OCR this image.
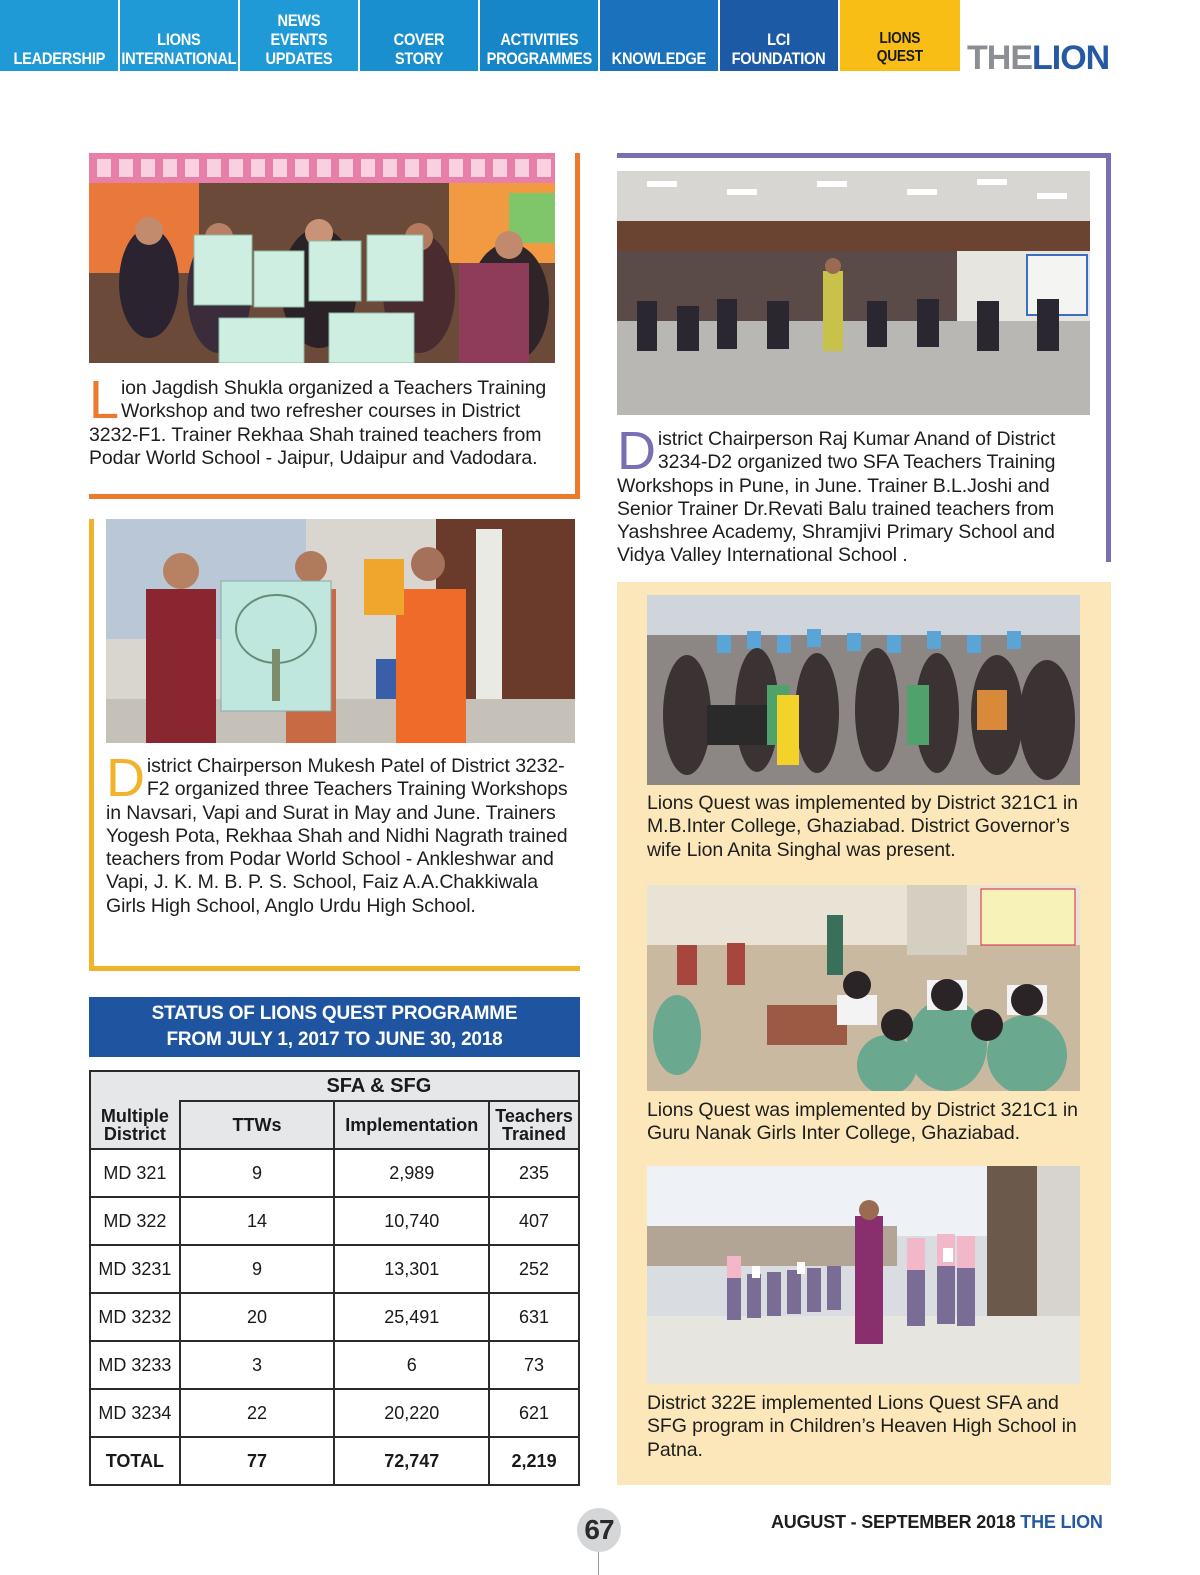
LEADERSHIP
LIONS
INTERNATIONAL
NEWS
EVENTS
UPDATES
COVER STORY
ACTIVITIES
PROGRAMMES KNOWLEDGE
LCI
FOUNDATION
LIONS
QUEST THELION
Lion Jagdish Shukla organized a Teachers Training Workshop and two refresher courses in District 3232-F1. Trainer Rekhaa Shah trained teachers from Podar World School - Jaipur, Udaipur and Vadodara.
District Chairperson Mukesh Patel of District 3232-F2 organized three Teachers Training Workshops in Navsari, Vapi and Surat in May and June. Trainers Yogesh Pota, Rekhaa Shah and Nidhi Nagrath trained teachers from Podar World School - Ankleshwar and Vapi, J. K. M. B. P. S. School, Faiz A.A.Chakkiwala Girls High School, Anglo Urdu High School.
District Chairperson Raj Kumar Anand of District 3234-D2 organized two SFA Teachers Training Workshops in Pune, in June. Trainer B.L.Joshi and Senior Trainer Dr.Revati Balu trained teachers from Yashshree Academy, Shramjivi Primary School and Vidya Valley International School .
Lions Quest was implemented by District 321C1 in M.B.Inter College, Ghaziabad. District Governor’s wife Lion Anita Singhal was present.
Lions Quest was implemented by District 321C1 in Guru Nanak Girls Inter College, Ghaziabad.
District 322E implemented Lions Quest SFA and SFG program in Children’s Heaven High School in Patna.
STATUS OF LIONS QUEST PROGRAMME
FROM JULY 1, 2017 TO JUNE 30, 2018
	SFA & SFG		
Multiple District	TTWs	Implementation	Teachers Trained
MD 321	9	2,989	235
MD 322	14	10,740	407
MD 3231	9	13,301	252
MD 3232	20	25,491	631
MD 3233	3	6	73
MD 3234	22	20,220	621
TOTAL	77	72,747	2,219
67	AUGUST - SEPTEMBER 2018 THE LION
